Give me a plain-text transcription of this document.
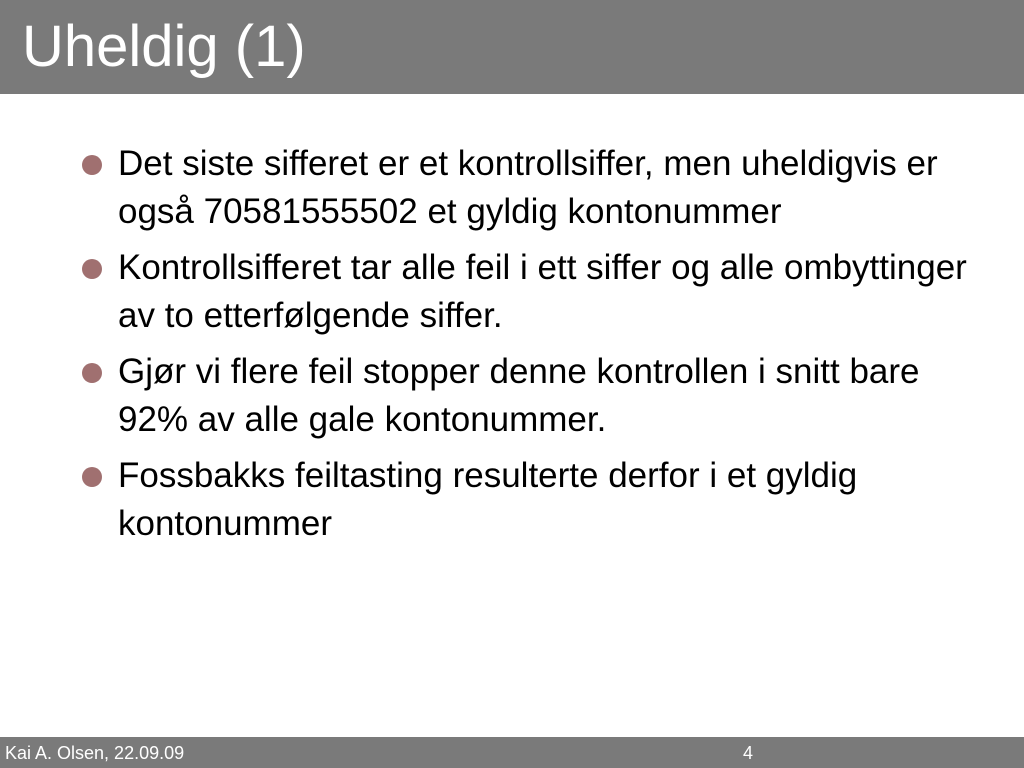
Uheldig (1)
Det siste sifferet er et kontrollsiffer, men uheldigvis er også 70581555502 et gyldig kontonummer
Kontrollsifferet tar alle feil i ett siffer og alle ombyttinger av to etterfølgende siffer.
Gjør vi flere feil stopper denne kontrollen i snitt bare 92% av alle gale kontonummer.
Fossbakks feiltasting resulterte derfor i et gyldig kontonummer
Kai A. Olsen, 22.09.09	4
